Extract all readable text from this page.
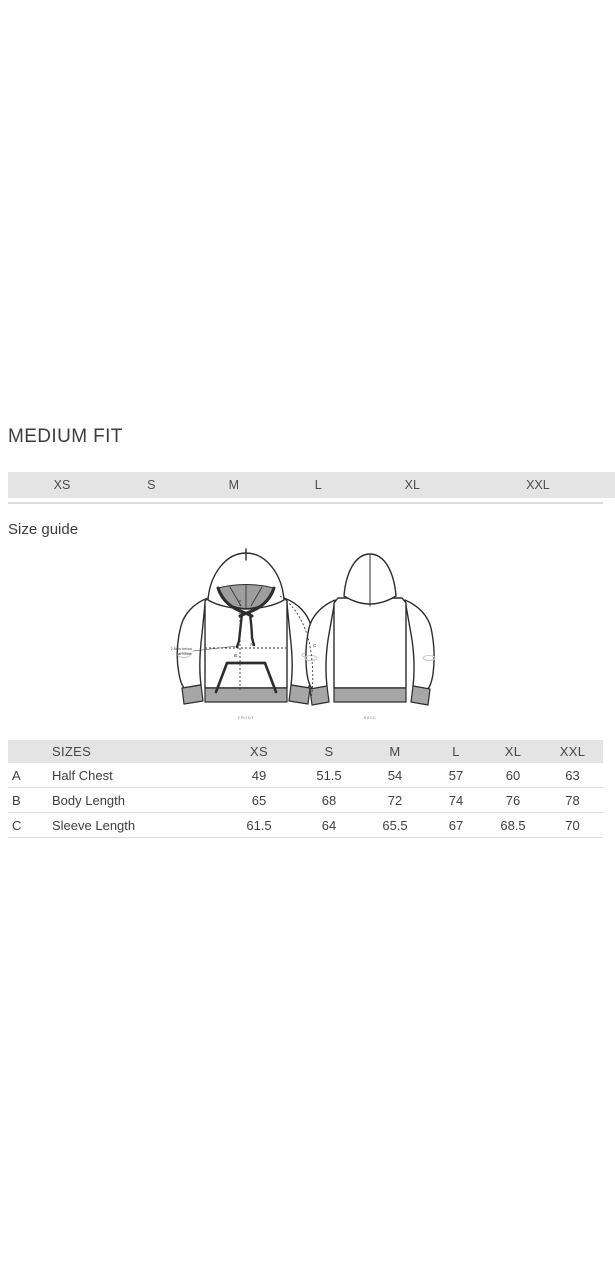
MEDIUM FIT
XS	S	M	L	XL	XXL
Size guide
A
B
C
2.5cm below
armhole
FRONT	BACK
SIZES	XS	S	M	L	XL	XXL
A	Half Chest	49	51.5	54	57	60	63
B	Body Length	65	68	72	74	76	78
C	Sleeve Length	61.5	64	65.5	67	68.5	70
